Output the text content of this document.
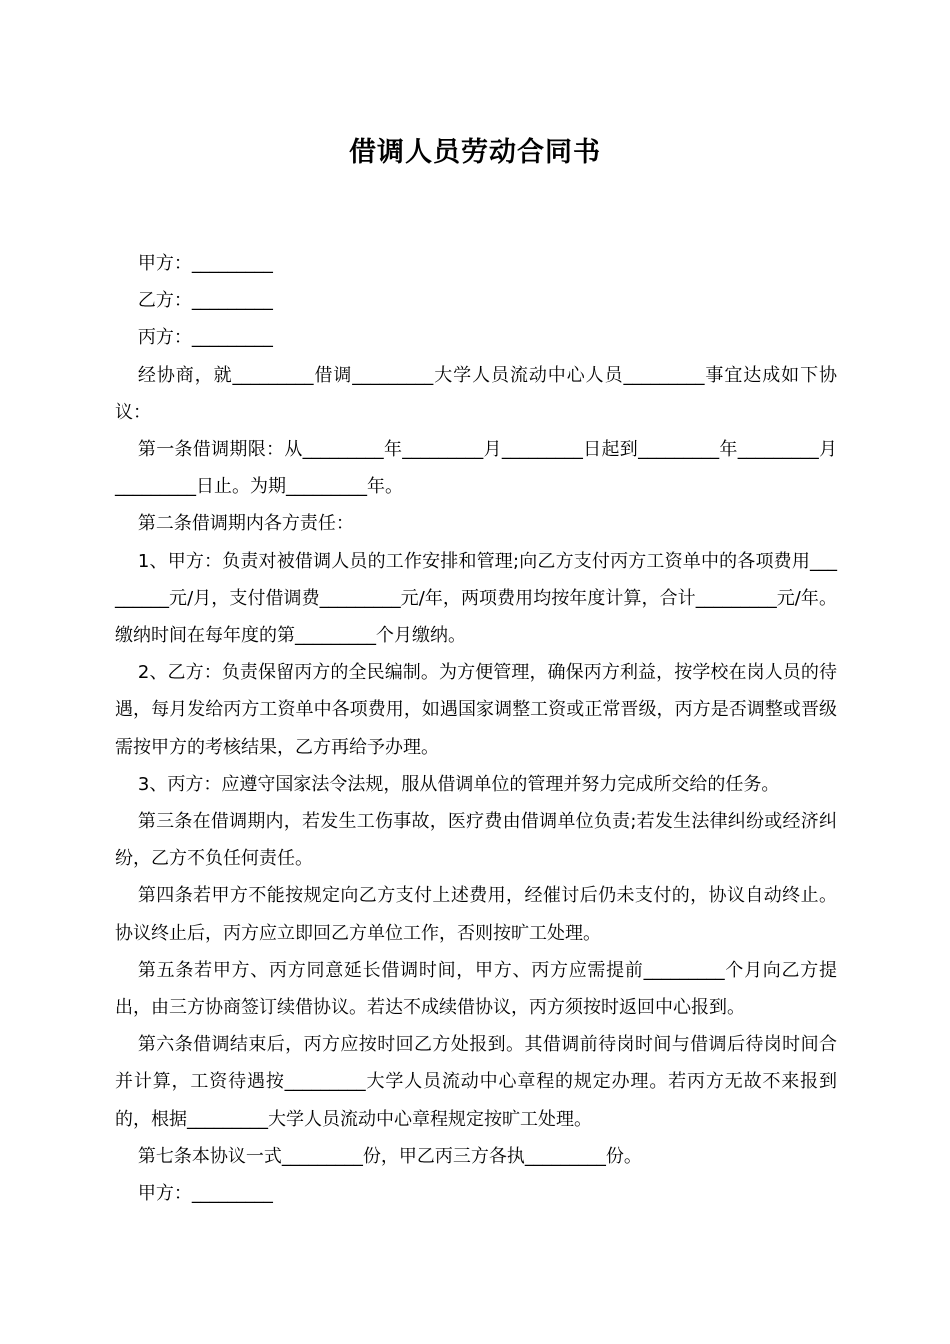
借调人员劳动合同书

甲方：_________

乙方：_________

丙方：_________

经协商，就_________借调_________大学人员流动中心人员_________事宜达成如下协议：

第一条借调期限：从_________年_________月_________日起到_________年_________月_________日止。为期_________年。

第二条借调期内各方责任：

1、甲方：负责对被借调人员的工作安排和管理;向乙方支付丙方工资单中的各项费用_________元/月，支付借调费_________元/年，两项费用均按年度计算，合计_________元/年。缴纳时间在每年度的第_________个月缴纳。

2、乙方：负责保留丙方的全民编制。为方便管理，确保丙方利益，按学校在岗人员的待遇，每月发给丙方工资单中各项费用，如遇国家调整工资或正常晋级，丙方是否调整或晋级需按甲方的考核结果，乙方再给予办理。

3、丙方：应遵守国家法令法规，服从借调单位的管理并努力完成所交给的任务。

第三条在借调期内，若发生工伤事故，医疗费由借调单位负责;若发生法律纠纷或经济纠纷，乙方不负任何责任。

第四条若甲方不能按规定向乙方支付上述费用，经催讨后仍未支付的，协议自动终止。协议终止后，丙方应立即回乙方单位工作，否则按旷工处理。

第五条若甲方、丙方同意延长借调时间，甲方、丙方应需提前_________个月向乙方提出，由三方协商签订续借协议。若达不成续借协议，丙方须按时返回中心报到。

第六条借调结束后，丙方应按时回乙方处报到。其借调前待岗时间与借调后待岗时间合并计算，工资待遇按_________大学人员流动中心章程的规定办理。若丙方无故不来报到的，根据_________大学人员流动中心章程规定按旷工处理。

第七条本协议一式_________份，甲乙丙三方各执_________份。

甲方：_________
